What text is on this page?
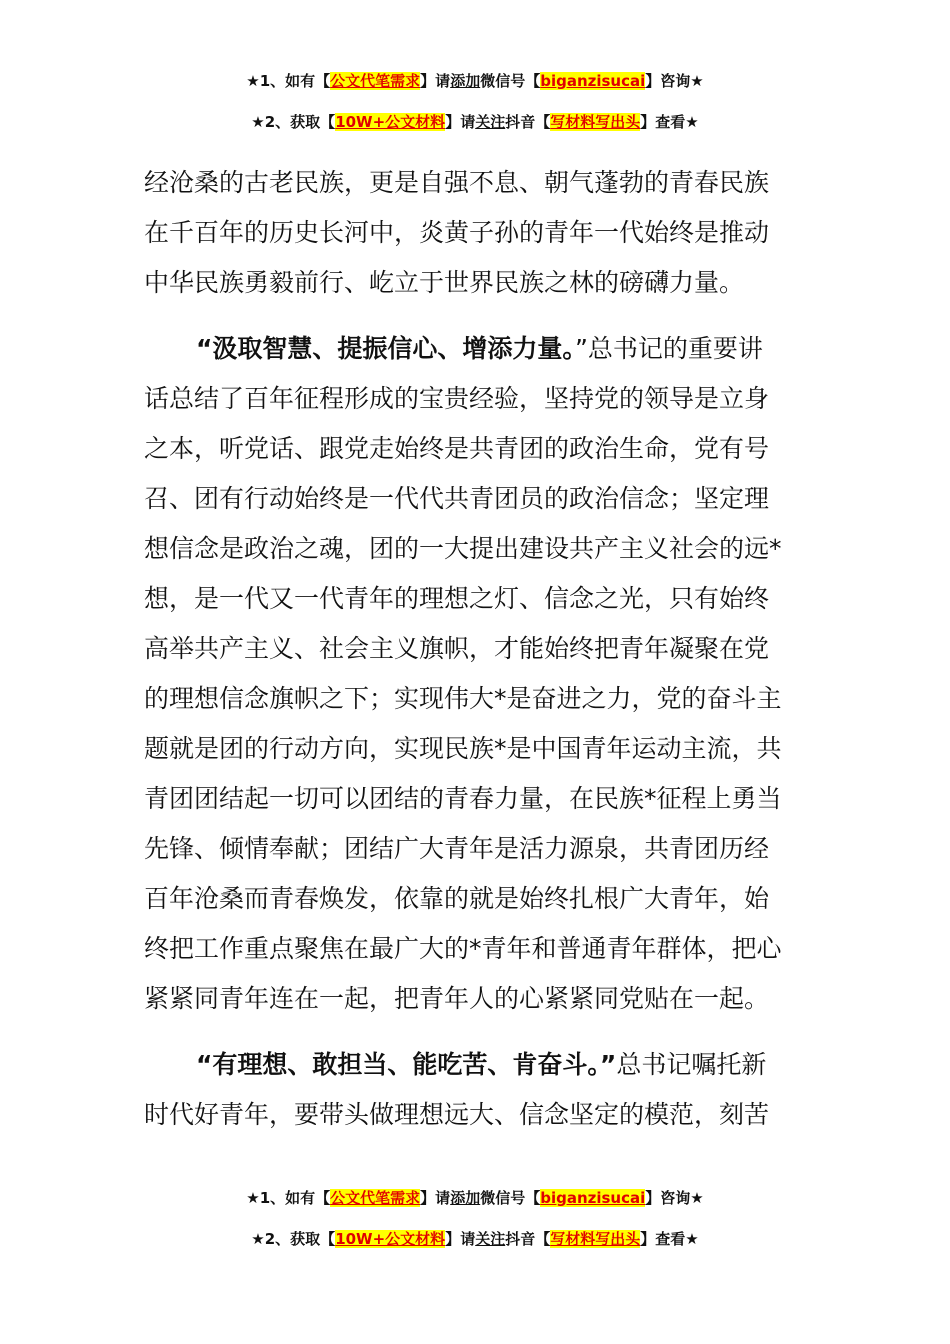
★1、如有【公文代笔需求】请添加微信号【biganzisucai】咨询★
★2、获取【10W+公文材料】请关注抖音【写材料写出头】查看★
经沧桑的古老民族，更是自强不息、朝气蓬勃的青春民族
在千百年的历史长河中，炎黄子孙的青年一代始终是推动
中华民族勇毅前行、屹立于世界民族之林的磅礴力量。
“汲取智慧、提振信心、增添力量。”总书记的重要讲
话总结了百年征程形成的宝贵经验，坚持党的领导是立身
之本，听党话、跟党走始终是共青团的政治生命，党有号
召、团有行动始终是一代代共青团员的政治信念；坚定理
想信念是政治之魂，团的一大提出建设共产主义社会的远*
想，是一代又一代青年的理想之灯、信念之光，只有始终
高举共产主义、社会主义旗帜，才能始终把青年凝聚在党
的理想信念旗帜之下；实现伟大*是奋进之力，党的奋斗主
题就是团的行动方向，实现民族*是中国青年运动主流，共
青团团结起一切可以团结的青春力量，在民族*征程上勇当
先锋、倾情奉献；团结广大青年是活力源泉，共青团历经
百年沧桑而青春焕发，依靠的就是始终扎根广大青年，始
终把工作重点聚焦在最广大的*青年和普通青年群体，把心
紧紧同青年连在一起，把青年人的心紧紧同党贴在一起。
“有理想、敢担当、能吃苦、肯奋斗。”总书记嘱托新
时代好青年，要带头做理想远大、信念坚定的模范，刻苦
★1、如有【公文代笔需求】请添加微信号【biganzisucai】咨询★
★2、获取【10W+公文材料】请关注抖音【写材料写出头】查看★
